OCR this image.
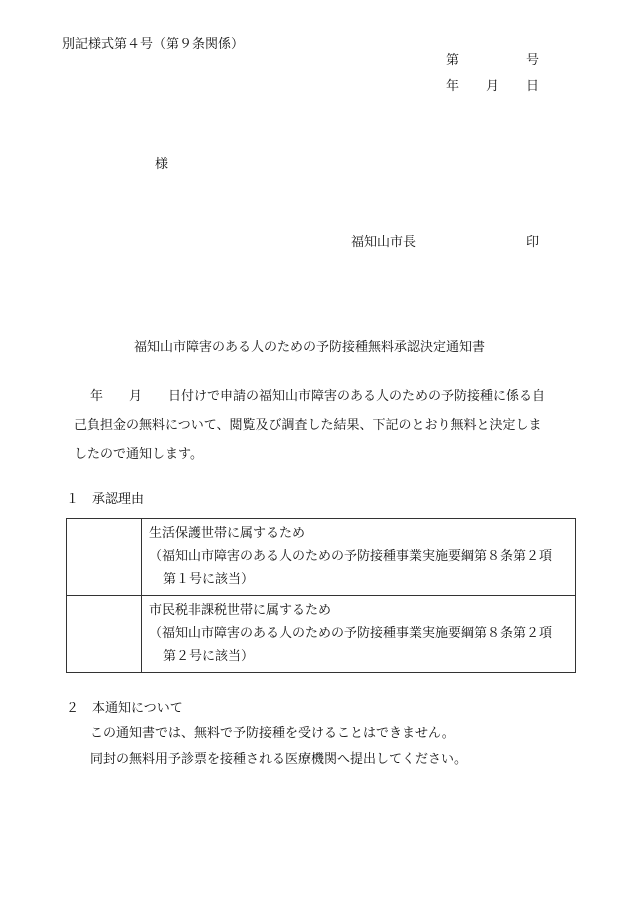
別記様式第４号（第９条関係）
第	号
年 月 日
様
福知山市長	印
福知山市障害のある人のための予防接種無料承認決定通知書
年　　月　　日付けで申請の福知山市障害のある人のための予防接種に係る自
己負担金の無料について、閲覧及び調査した結果、下記のとおり無料と決定しま
したので通知します。
１　承認理由

	生活保護世帯に属するため
（福知山市障害のある人のための予防接種事業実施要綱第８条第２項
第１号に該当）

	市民税非課税世帯に属するため
（福知山市障害のある人のための予防接種事業実施要綱第８条第２項
第２号に該当）
２　本通知について
この通知書では、無料で予防接種を受けることはできません。
同封の無料用予診票を接種される医療機関へ提出してください。
